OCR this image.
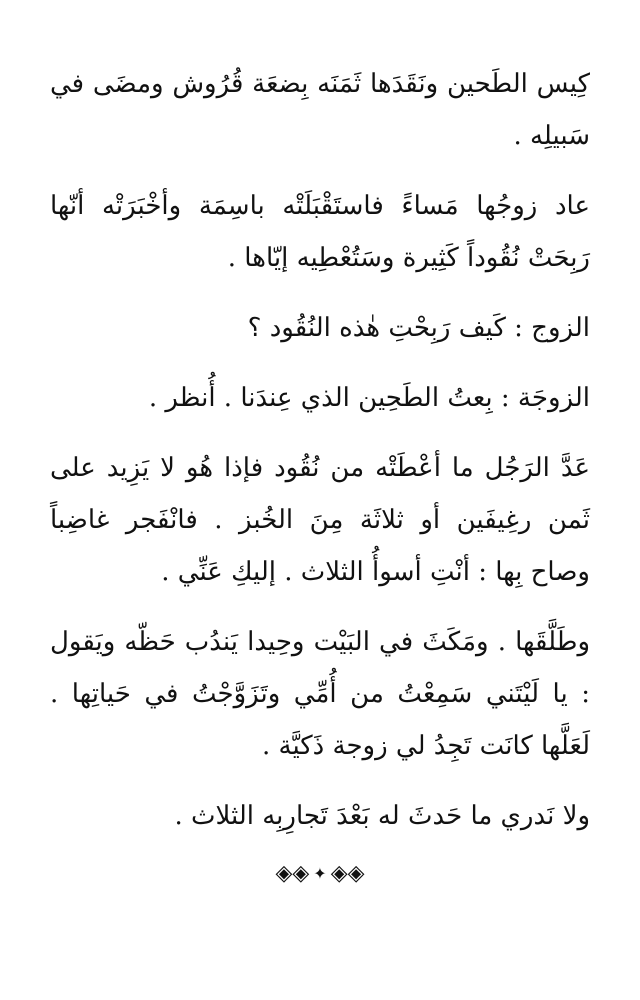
كِيس الطَحين ونَقَدَها ثَمَنَه بِضعَة قُرُوش ومضَى في سَبيلِه .

عاد زوجُها مَساءً فاستَقْبَلَتْه باسِمَة وأخْبَرَتْه أنّها رَبِحَتْ نُقُوداً كَثِيرة وسَتُعْطِيه إيّاها .

الزوج : كَيف رَبِحْتِ هٰذه النُقُود ؟

الزوجَة : بِعتُ الطَحِين الذي عِندَنا . أُنظر .

عَدَّ الرَجُل ما أعْطَتْه من نُقُود فإذا هُو لا يَزِيد على ثَمن رغِيفَين أو ثلاثَة مِنَ الخُبز . فانْفَجر غاضِباً وصاح بِها : أنْتِ أسوأُ الثلاث . إليكِ عَنِّي .

وطَلَّقَها . ومَكَثَ في البَيْت وحِيدا يَندُب حَظّه ويَقول : يا لَيْتَني سَمِعْتُ من أُمِّي وتَزَوَّجْتُ في حَياتِها . لَعَلَّها كانَت تَجِدُ لي زوجة ذَكيَّة .

ولا نَدري ما حَدثَ له بَعْدَ تَجارِبِه الثلاث .

◈◈ ✦ ◈◈
